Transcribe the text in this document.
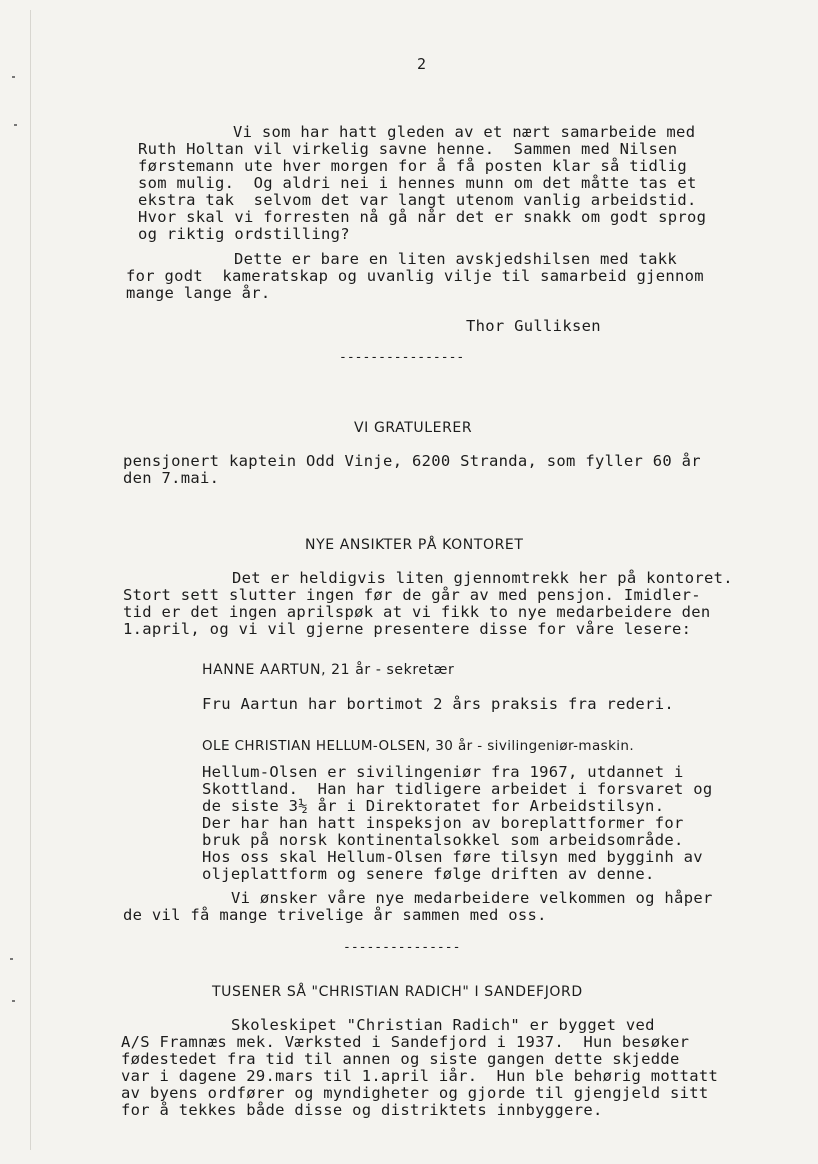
2
Vi som har hatt gleden av et nært samarbeide med
Ruth Holtan vil virkelig savne henne.  Sammen med Nilsen
førstemann ute hver morgen for å få posten klar så tidlig
som mulig.  Og aldri nei i hennes munn om det måtte tas et
ekstra tak  selvom det var langt utenom vanlig arbeidstid.
Hvor skal vi forresten nå gå når det er snakk om godt sprog
og riktig ordstilling?
Dette er bare en liten avskjedshilsen med takk
for godt  kameratskap og uvanlig vilje til samarbeid gjennom
mange lange år.
Thor Gulliksen
----------------
VI GRATULERER
pensjonert kaptein Odd Vinje, 6200 Stranda, som fyller 60 år
den 7.mai.
NYE ANSIKTER PÅ KONTORET
Det er heldigvis liten gjennomtrekk her på kontoret.
Stort sett slutter ingen før de går av med pensjon. Imidler-
tid er det ingen aprilspøk at vi fikk to nye medarbeidere den
1.april, og vi vil gjerne presentere disse for våre lesere:
HANNE AARTUN, 21 år - sekretær
Fru Aartun har bortimot 2 års praksis fra rederi.
OLE CHRISTIAN HELLUM-OLSEN, 30 år - sivilingeniør-maskin.
Hellum-Olsen er sivilingeniør fra 1967, utdannet i
Skottland.  Han har tidligere arbeidet i forsvaret og
de siste 3½ år i Direktoratet for Arbeidstilsyn.
Der har han hatt inspeksjon av boreplattformer for
bruk på norsk kontinentalsokkel som arbeidsområde.
Hos oss skal Hellum-Olsen føre tilsyn med bygginh av
oljeplattform og senere følge driften av denne.
Vi ønsker våre nye medarbeidere velkommen og håper
de vil få mange trivelige år sammen med oss.
---------------
TUSENER SÅ "CHRISTIAN RADICH" I SANDEFJORD
Skoleskipet "Christian Radich" er bygget ved
A/S Framnæs mek. Værksted i Sandefjord i 1937.  Hun besøker
fødestedet fra tid til annen og siste gangen dette skjedde
var i dagene 29.mars til 1.april iår.  Hun ble behørig mottatt
av byens ordfører og myndigheter og gjorde til gjengjeld sitt
for å tekkes både disse og distriktets innbyggere.
